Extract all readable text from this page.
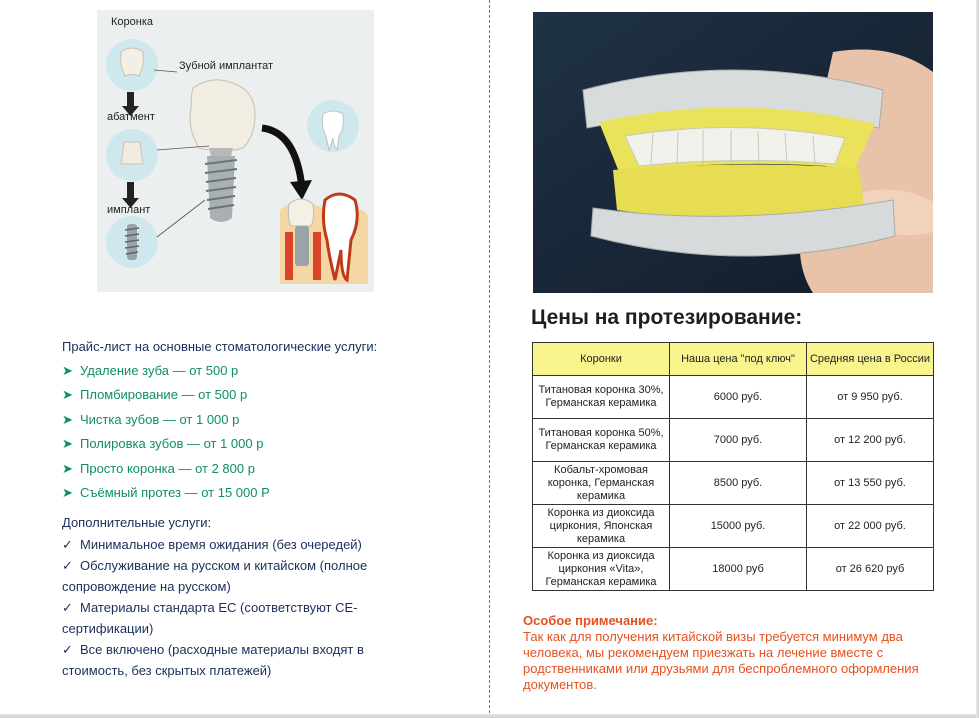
Коронка
Зубной имплантат
абатмент
имплант
Прайс-лист на основные стоматологические услуги:
➤ Удаление зуба — от 500 р
➤ Пломбирование — от 500 р
➤ Чистка зубов — от 1 000 р
➤ Полировка зубов — от 1 000 р
➤ Просто коронка — от 2 800 р
➤ Съёмный протез — от 15 000 Р
Дополнительные услуги:
✓ Минимальное время ожидания (без очередей)
✓ Обслуживание на русском и китайском (полное сопровождение на русском)
✓ Материалы стандарта ЕС (соответствуют СЕ-сертификации)
✓ Все включено (расходные материалы входят в стоимость, без скрытых платежей)
Цены на протезирование:
Коронки	Наша цена "под ключ"	Средняя цена в России
Титановая коронка 30%, Германская керамика	6000 руб.	от 9 950 руб.
Титановая коронка 50%, Германская керамика	7000 руб.	от 12 200 руб.
Кобальт-хромовая коронка, Германская керамика	8500 руб.	от 13 550 руб.
Коронка из диоксида циркония, Японская керамика	15000 руб.	от 22 000 руб.
Коронка из диоксида циркония «Vita», Германская керамика	18000 руб	от 26 620 руб
Особое примечание:
Так как для получения китайской визы требуется минимум два человека, мы рекомендуем приезжать на лечение вместе с родственниками или друзьями для беспроблемного оформления документов.
